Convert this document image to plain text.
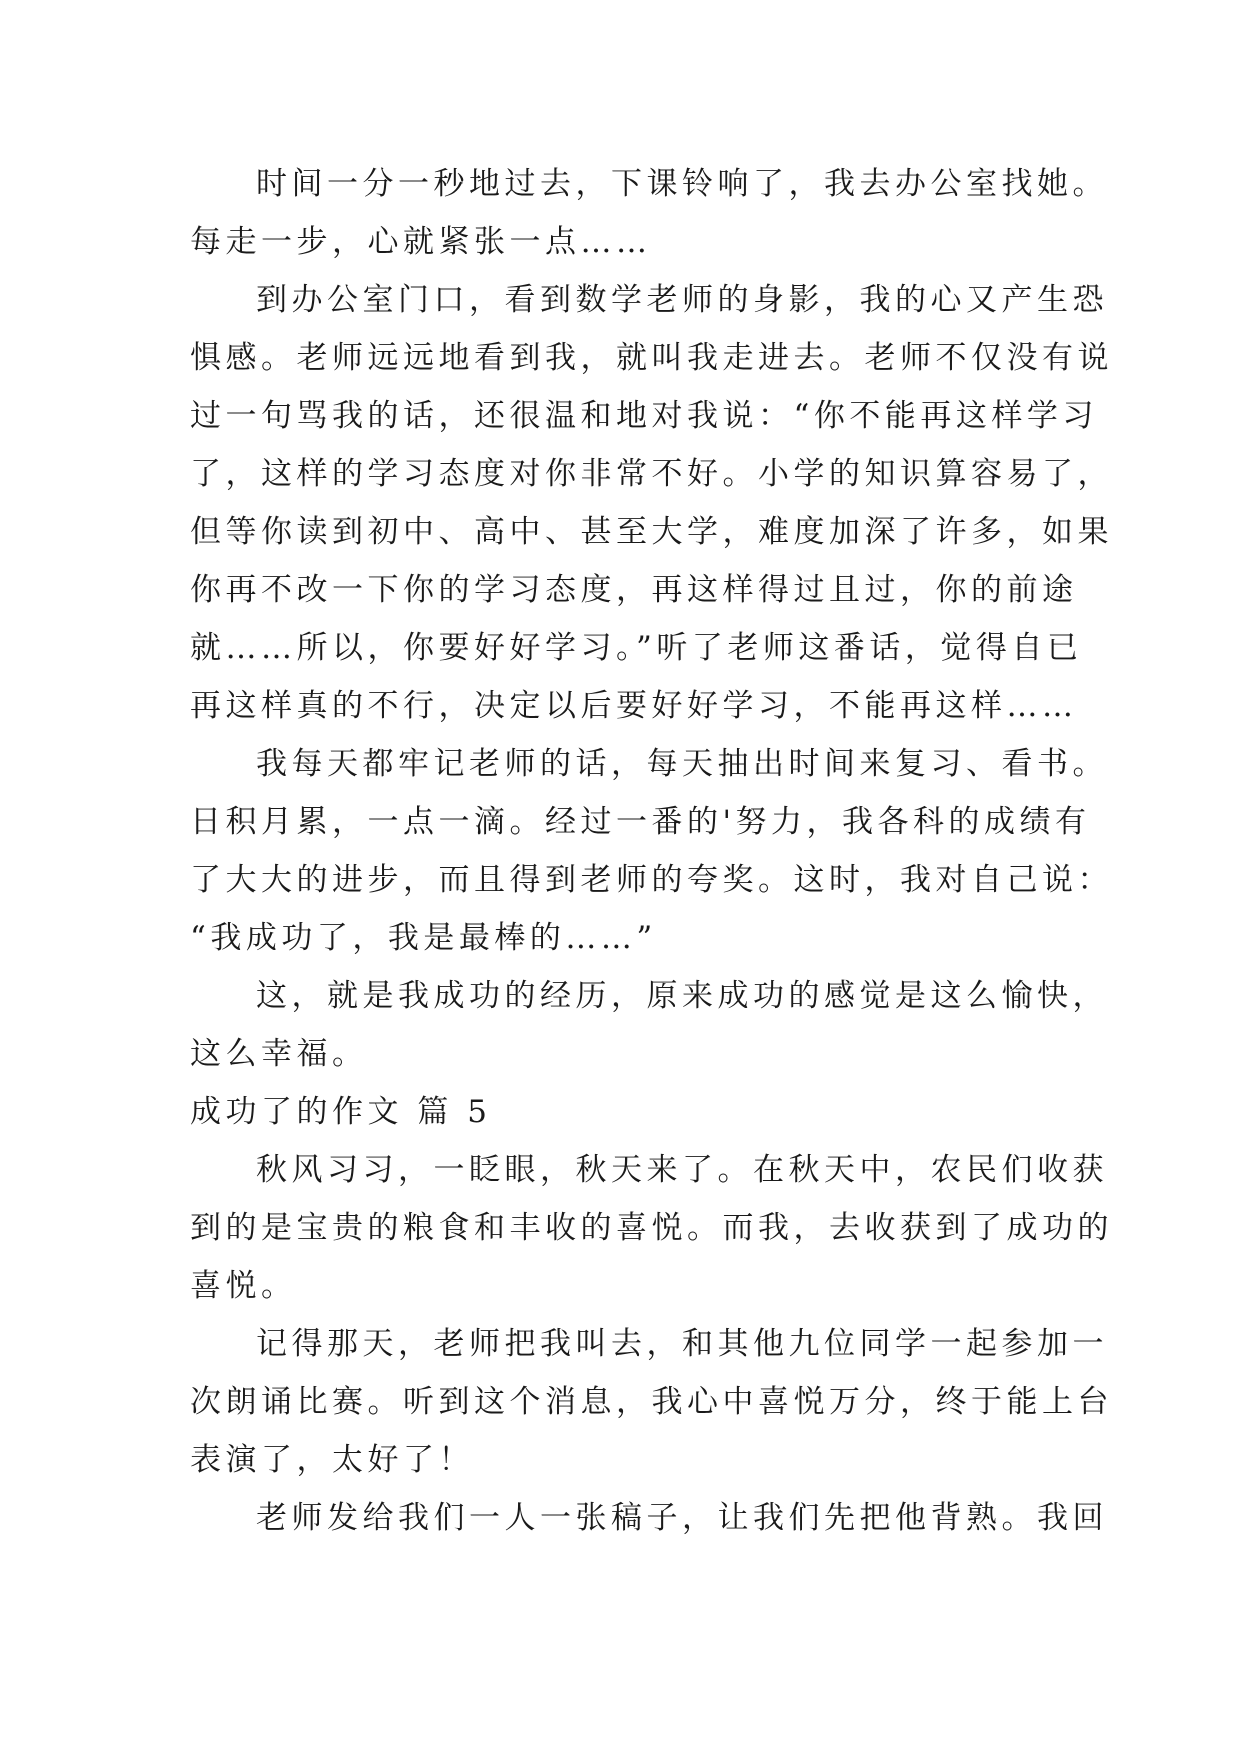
时间一分一秒地过去，下课铃响了，我去办公室找她。
每走一步，心就紧张一点……
到办公室门口，看到数学老师的身影，我的心又产生恐
惧感。老师远远地看到我，就叫我走进去。老师不仅没有说
过一句骂我的话，还很温和地对我说：“你不能再这样学习
了，这样的学习态度对你非常不好。小学的知识算容易了，
但等你读到初中、高中、甚至大学，难度加深了许多，如果
你再不改一下你的学习态度，再这样得过且过，你的前途
就……所以，你要好好学习。”听了老师这番话，觉得自已
再这样真的不行，决定以后要好好学习，不能再这样……
我每天都牢记老师的话，每天抽出时间来复习、看书。
日积月累，一点一滴。经过一番的'努力，我各科的成绩有
了大大的进步，而且得到老师的夸奖。这时，我对自己说：
“我成功了，我是最棒的……”
这，就是我成功的经历，原来成功的感觉是这么愉快，
这么幸福。
成功了的作文 篇 5
秋风习习，一眨眼，秋天来了。在秋天中，农民们收获
到的是宝贵的粮食和丰收的喜悦。而我，去收获到了成功的
喜悦。
记得那天，老师把我叫去，和其他九位同学一起参加一
次朗诵比赛。听到这个消息，我心中喜悦万分，终于能上台
表演了，太好了！
老师发给我们一人一张稿子，让我们先把他背熟。我回
